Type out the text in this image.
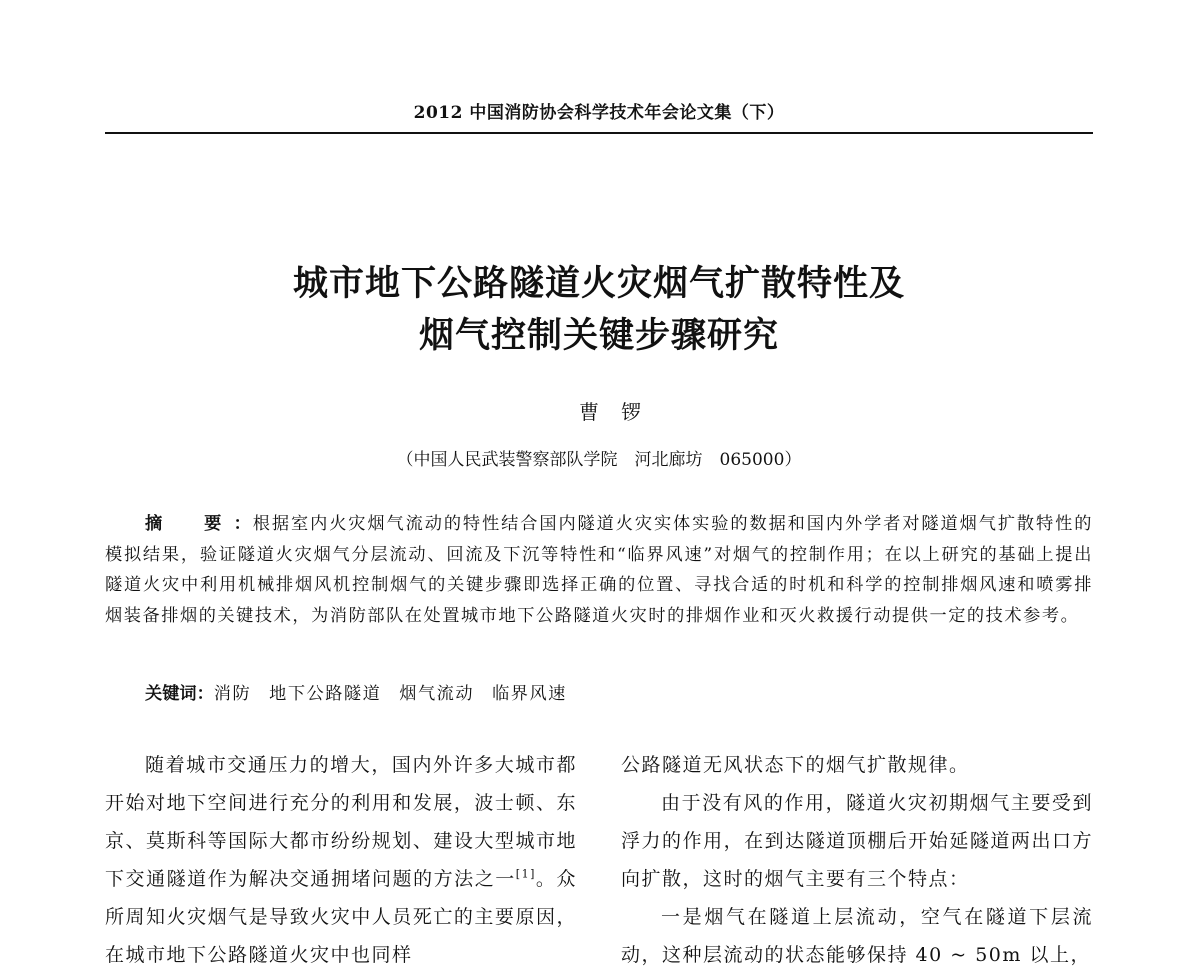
2012 中国消防协会科学技术年会论文集（下）
城市地下公路隧道火灾烟气扩散特性及
烟气控制关键步骤研究
曹锣
（中国人民武装警察部队学院　河北廊坊　065000）
摘　要：根据室内火灾烟气流动的特性结合国内隧道火灾实体实验的数据和国内外学者对隧道烟气扩散特性的模拟结果，验证隧道火灾烟气分层流动、回流及下沉等特性和“临界风速”对烟气的控制作用；在以上研究的基础上提出隧道火灾中利用机械排烟风机控制烟气的关键步骤即选择正确的位置、寻找合适的时机和科学的控制排烟风速和喷雾排烟装备排烟的关键技术，为消防部队在处置城市地下公路隧道火灾时的排烟作业和灭火救援行动提供一定的技术参考。
关键词：消防 地下公路隧道 烟气流动 临界风速

随着城市交通压力的增大，国内外许多大城市都开始对地下空间进行充分的利用和发展，波士顿、东京、莫斯科等国际大都市纷纷规划、建设大型城市地下交通隧道作为解决交通拥堵问题的方法之一[1]。众所周知火灾烟气是导致火灾中人员死亡的主要原因，在城市地下公路隧道火灾中也同样

公路隧道无风状态下的烟气扩散规律。

由于没有风的作用，隧道火灾初期烟气主要受到浮力的作用，在到达隧道顶棚后开始延隧道两出口方向扩散，这时的烟气主要有三个特点：

一是烟气在隧道上层流动，空气在隧道下层流动，这种层流动的状态能够保持 40 ~ 50m 以上，
